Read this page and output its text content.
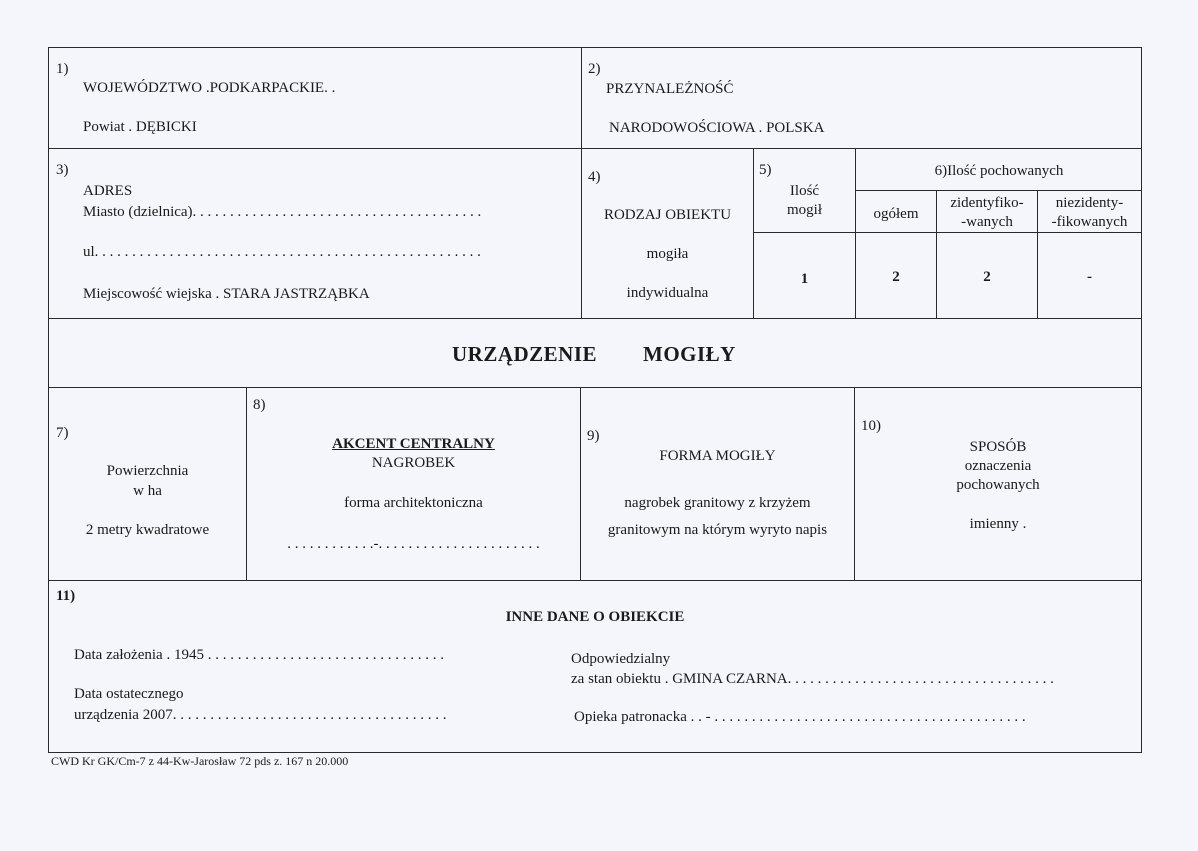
1)
WOJEWÓDZTWO .PODKARPACKIE. .
Powiat . DĘBICKI
2)
PRZYNALEŻNOŚĆ
NARODOWOŚCIOWA . POLSKA
3)
ADRES
Miasto (dzielnica). . . . . . . . . . . . . . . . . . . . . . . . . . . . . . . . . . . . . . .
ul. . . . . . . . . . . . . . . . . . . . . . . . . . . . . . . . . . . . . . . . . . . . . . . . . . . .
Miejscowość wiejska . STARA JASTRZĄBKA
4)
RODZAJ OBIEKTU
mogiła
indywidualna
5)
Ilość
mogił
1
6)Ilość pochowanych
ogółem
zidentyfiko-
-wanych
niezidenty-
-fikowanych
2	2	-
URZĄDZENIE MOGIŁY
7)
Powierzchnia
w ha
2 metry kwadratowe
8)
AKCENT CENTRALNY
NAGROBEK
forma architektoniczna
. . . . . . . . . . . .-. . . . . . . . . . . . . . . . . . . . . .
9)
FORMA MOGIŁY
nagrobek granitowy z krzyżem
granitowym na którym wyryto napis
10)
SPOSÓB
oznaczenia
pochowanych
imienny .
11)
INNE DANE O OBIEKCIE
Data założenia . 1945 . . . . . . . . . . . . . . . . . . . . . . . . . . . . . . . .
Data ostatecznego
urządzenia 2007. . . . . . . . . . . . . . . . . . . . . . . . . . . . . . . . . . . . .
Odpowiedzialny
za stan obiektu . GMINA CZARNA. . . . . . . . . . . . . . . . . . . . . . . . . . . . . . . . . . . .
Opieka patronacka . . - . . . . . . . . . . . . . . . . . . . . . . . . . . . . . . . . . . . . . . . . . .
CWD Kr GK/Cm-7 z 44-Kw-Jarosław 72 pds z. 167 n 20.000
